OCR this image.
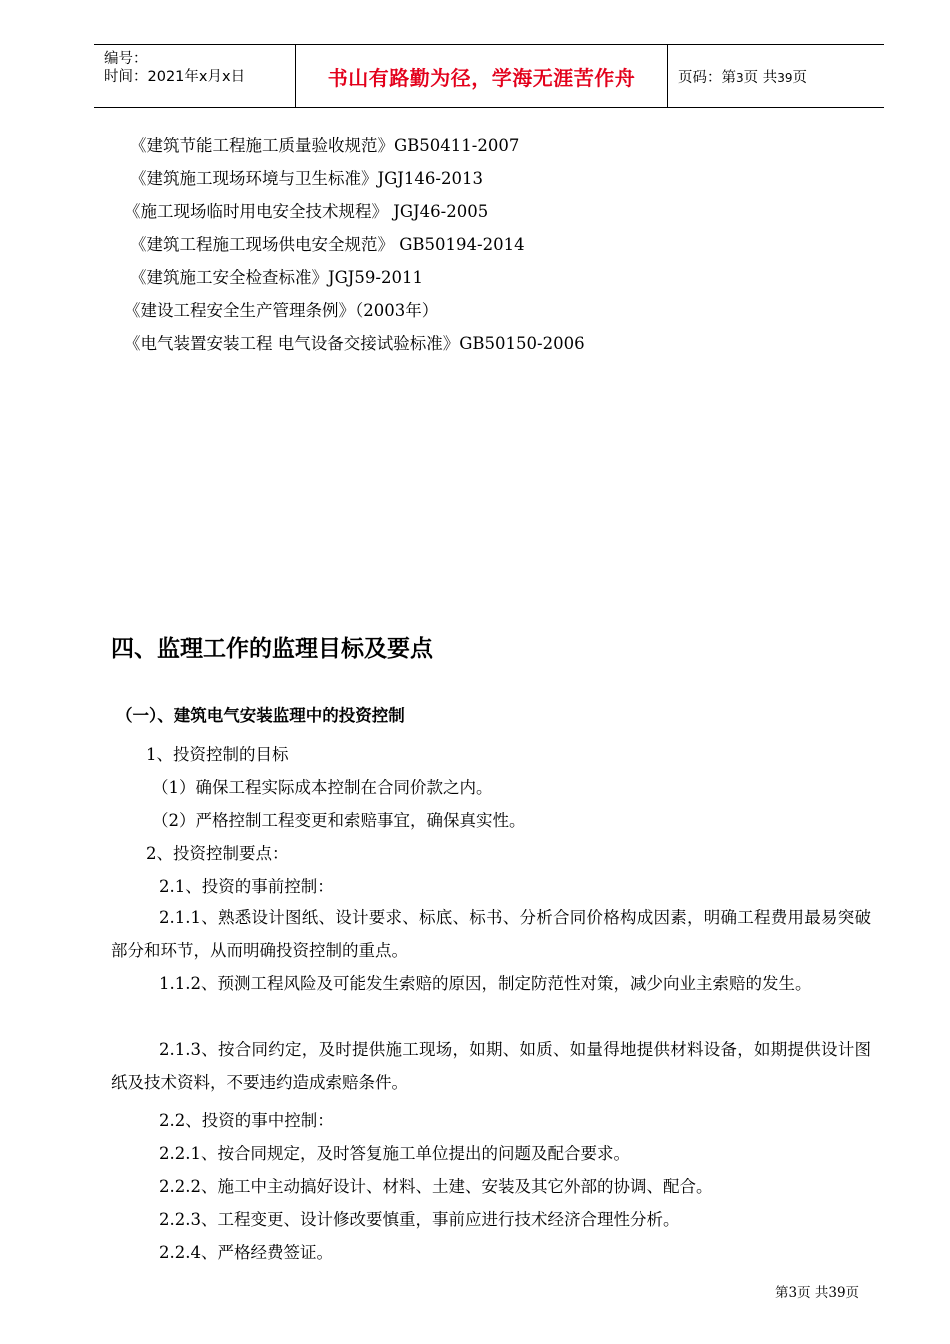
编号：
时间：2021年x月x日	书山有路勤为径，学海无涯苦作舟	页码：第3页 共39页
《建筑节能工程施工质量验收规范》GB50411-2007
《建筑施工现场环境与卫生标准》JGJ146-2013
《施工现场临时用电安全技术规程》 JGJ46-2005
《建筑工程施工现场供电安全规范》 GB50194-2014
《建筑施工安全检查标准》JGJ59-2011
《建设工程安全生产管理条例》（2003年）
《电气装置安装工程 电气设备交接试验标准》GB50150-2006
四、监理工作的监理目标及要点
（一）、建筑电气安装监理中的投资控制
1、投资控制的目标
（1）确保工程实际成本控制在合同价款之内。
（2）严格控制工程变更和索赔事宜，确保真实性。
2、投资控制要点：
2.1、投资的事前控制：
2.1.1、熟悉设计图纸、设计要求、标底、标书、分析合同价格构成因素，明确工程费用最易突破部分和环节，从而明确投资控制的重点。
1.1.2、预测工程风险及可能发生索赔的原因，制定防范性对策，减少向业主索赔的发生。
2.1.3、按合同约定，及时提供施工现场，如期、如质、如量得地提供材料设备，如期提供设计图纸及技术资料，不要违约造成索赔条件。
2.2、投资的事中控制：
2.2.1、按合同规定，及时答复施工单位提出的问题及配合要求。
2.2.2、施工中主动搞好设计、材料、土建、安装及其它外部的协调、配合。
2.2.3、工程变更、设计修改要慎重，事前应进行技术经济合理性分析。
2.2.4、严格经费签证。
第3页 共39页
